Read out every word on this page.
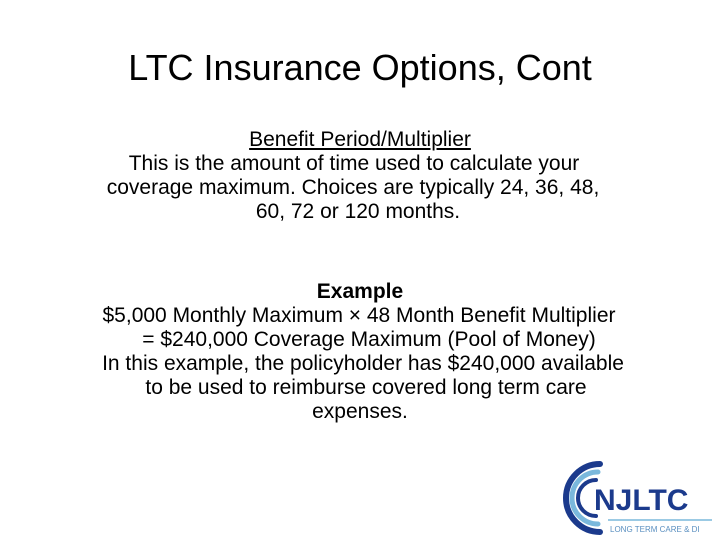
LTC Insurance Options, Cont
Benefit Period/Multiplier
This is the amount of time used to calculate your
coverage maximum. Choices are typically 24, 36, 48,
60, 72 or 120 months.
Example
$5,000 Monthly Maximum × 48 Month Benefit Multiplier
= $240,000 Coverage Maximum (Pool of Money)
In this example, the policyholder has $240,000 available
to be used to reimburse covered long term care
expenses.
NJLTC
LONG TERM CARE & DI
